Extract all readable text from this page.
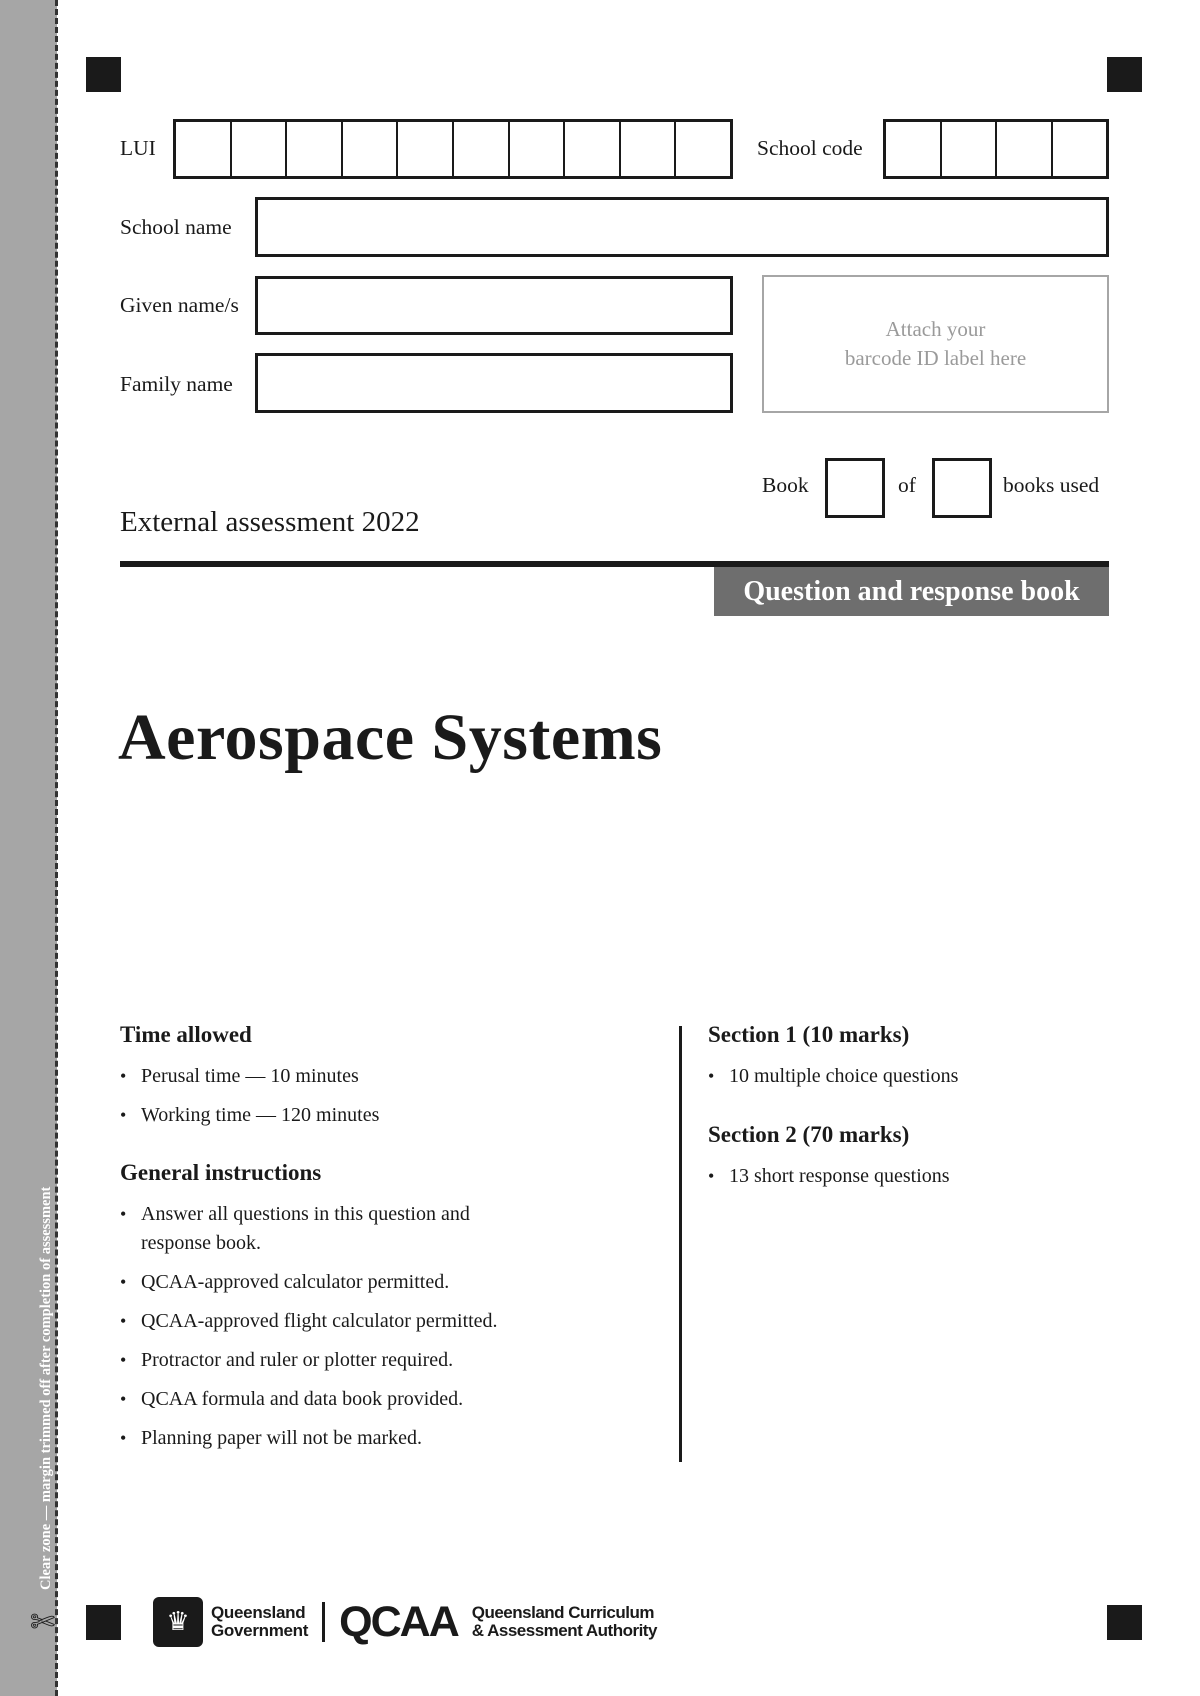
Clear zone — margin trimmed off after completion of assessment
✄
LUI	School code
School name
Given name/s
Family name
Attach your
barcode ID label here
Book	of	books used
External assessment 2022
Question and response book
Aerospace Systems
Time allowed
• Perusal time — 10 minutes
• Working time — 120 minutes
General instructions
• Answer all questions in this question and response book.
• QCAA-approved calculator permitted.
• QCAA-approved flight calculator permitted.
• Protractor and ruler or plotter required.
• QCAA formula and data book provided.
• Planning paper will not be marked.
Section 1 (10 marks)
• 10 multiple choice questions
Section 2 (70 marks)
• 13 short response questions
♛	Queensland
Government QCAA Queensland Curriculum
& Assessment Authority
